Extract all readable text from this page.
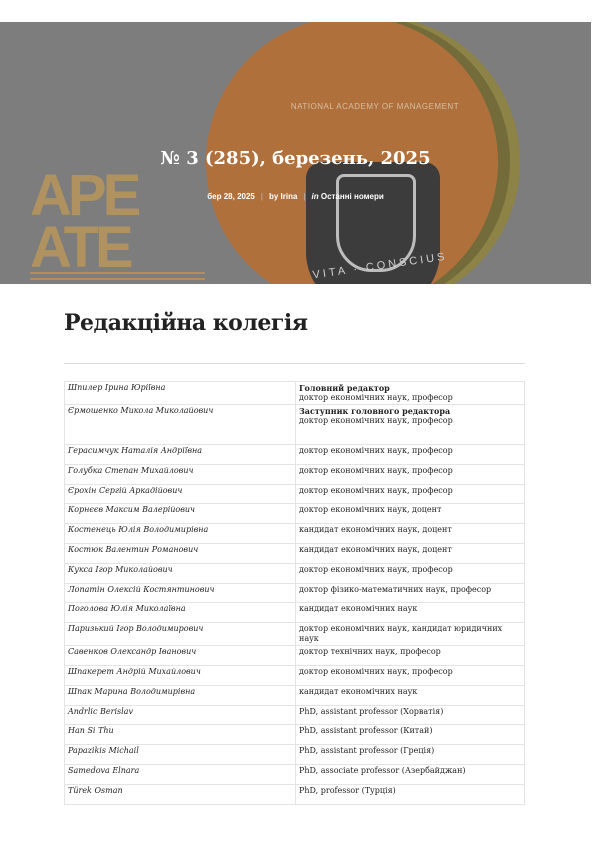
APE
ATE
NATIONAL ACADEMY OF MANAGEMENT
VITA · CONSCIUS
№ 3 (285), березень, 2025
бер 28, 2025 | by Irina | in Останні номери
Редакційна колегія
Шпилер Ірина Юріївна	Головний редактор
доктор економічних наук, професор
Єрмошенко Микола Миколайович	Заступник головного редактора
доктор економічних наук, професор
Герасимчук Наталія Андріївна	доктор економічних наук, професор
Голубка Степан Михайлович	доктор економічних наук, професор
Єрохін Сергій Аркадійович	доктор економічних наук, професор
Корнєєв Максим Валерійович	доктор економічних наук, доцент
Костенець Юлія Володимирівна	кандидат економічних наук, доцент
Костюк Валентин Романович	кандидат економічних наук, доцент
Кукса Ігор Миколайович	доктор економічних наук, професор
Лопатін Олексій Костянтинович	доктор фізико-математичних наук, професор
Поголова Юлія Миколаївна	кандидат економічних наук
Паризький Ігор Володимирович	доктор економічних наук, кандидат юридичних наук
Савенков Олександр Іванович	доктор технічних наук, професор
Шпакерет Андрій Михайлович	доктор економічних наук, професор
Шпак Марина Володимирівна	кандидат економічних наук
Andrlic Berislav	PhD, assistant professor (Хорватія)
Han Si Thu	PhD, assistant professor (Китай)
Papazikis Michail	PhD, assistant professor (Греція)
Samedova Elnara	PhD, associate professor (Азербайджан)
Türek Osman	PhD, professor (Турція)
